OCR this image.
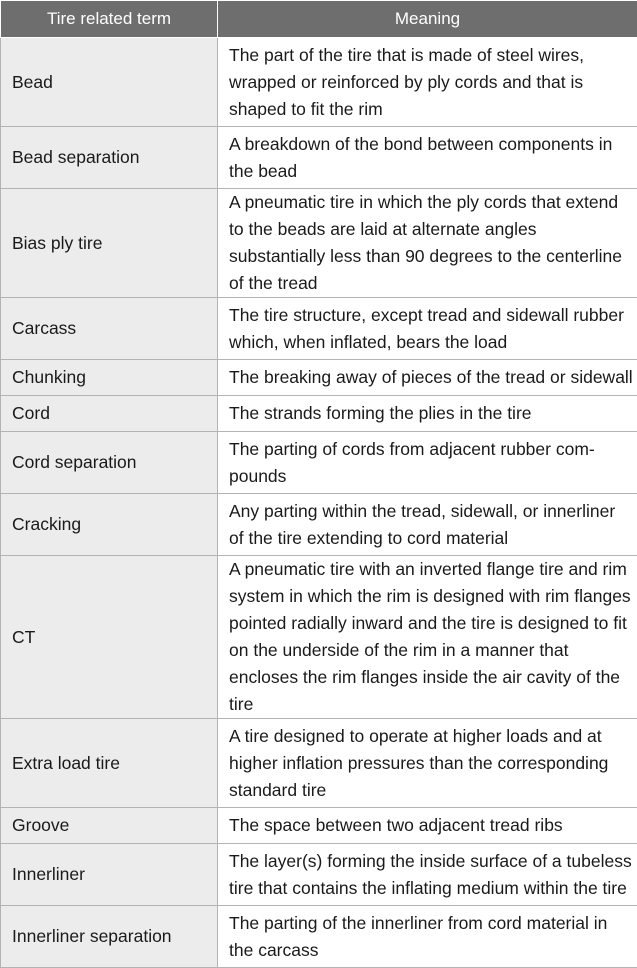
Tire related term	Meaning
Bead	The part of the tire that is made of steel wires, wrapped or reinforced by ply cords and that is shaped to fit the rim
Bead separation	A breakdown of the bond between components in the bead
Bias ply tire	A pneumatic tire in which the ply cords that extend to the beads are laid at alternate angles substantially less than 90 degrees to the centerline of the tread
Carcass	The tire structure, except tread and sidewall rubber which, when inflated, bears the load
Chunking	The breaking away of pieces of the tread or sidewall
Cord	The strands forming the plies in the tire
Cord separation	The parting of cords from adjacent rubber com-pounds
Cracking	Any parting within the tread, sidewall, or innerliner of the tire extending to cord material
CT	A pneumatic tire with an inverted flange tire and rim system in which the rim is designed with rim flanges pointed radially inward and the tire is designed to fit on the underside of the rim in a manner that encloses the rim flanges inside the air cavity of the tire
Extra load tire	A tire designed to operate at higher loads and at higher inflation pressures than the corresponding standard tire
Groove	The space between two adjacent tread ribs
Innerliner	The layer(s) forming the inside surface of a tubeless tire that contains the inflating medium within the tire
Innerliner separation	The parting of the innerliner from cord material in the carcass
